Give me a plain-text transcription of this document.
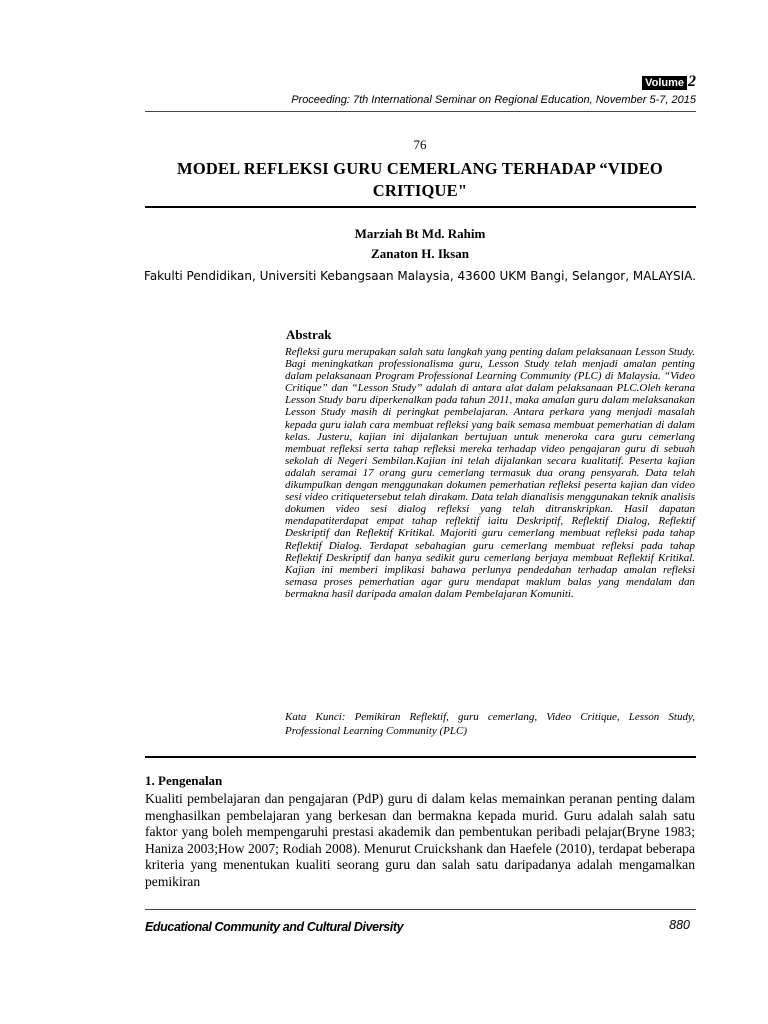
Volume 2
Proceeding: 7th International Seminar on Regional Education, November 5-7, 2015
76
MODEL REFLEKSI GURU CEMERLANG TERHADAP “VIDEO CRITIQUE"
Marziah Bt Md. Rahim
Zanaton H. Iksan
Fakulti Pendidikan, Universiti Kebangsaan Malaysia, 43600 UKM Bangi, Selangor, MALAYSIA.
Abstrak
Refleksi guru merupakan salah satu langkah yang penting dalam pelaksanaan Lesson Study. Bagi meningkatkan professionalisma guru, Lesson Study telah menjadi amalan penting dalam pelaksanaan Program Professional Learning Community (PLC) di Malaysia. “Video Critique” dan “Lesson Study” adalah di antara alat dalam pelaksanaan PLC.Oleh kerana Lesson Study baru diperkenalkan pada tahun 2011, maka amalan guru dalam melaksanakan Lesson Study masih di peringkat pembelajaran. Antara perkara yang menjadi masalah kepada guru ialah cara membuat refleksi yang baik semasa membuat pemerhatian di dalam kelas. Justeru, kajian ini dijalankan bertujuan untuk meneroka cara guru cemerlang membuat refleksi serta tahap refleksi mereka terhadap video pengajaran guru di sebuah sekolah di Negeri Sembilan.Kajian ini telah dijalankan secara kualitatif. Peserta kajian adalah seramai 17 orang guru cemerlang termasuk dua orang pensyarah. Data telah dikumpulkan dengan menggunakan dokumen pemerhatian refleksi peserta kajian dan video sesi video critiquetersebut telah dirakam. Data telah dianalisis menggunakan teknik analisis dokumen video sesi dialog refleksi yang telah ditranskripkan. Hasil dapatan mendapatiterdapat empat tahap reflektif iaitu Deskriptif, Reflektif Dialog, Reflektif Deskriptif dan Reflektif Kritikal. Majoriti guru cemerlang membuat refleksi pada tahap Reflektif Dialog. Terdapat sebahagian guru cemerlang membuat refleksi pada tahap Reflektif Deskriptif dan hanya sedikit guru cemerlang berjaya membuat Reflektif Kritikal. Kajian ini memberi implikasi bahawa perlunya pendedahan terhadap amalan refleksi semasa proses pemerhatian agar guru mendapat maklum balas yang mendalam dan bermakna hasil daripada amalan dalam Pembelajaran Komuniti.
Kata Kunci: Pemikiran Reflektif, guru cemerlang, Video Critique, Lesson Study, Professional Learning Community (PLC)
1. Pengenalan
Kualiti pembelajaran dan pengajaran (PdP) guru di dalam kelas memainkan peranan penting dalam menghasilkan pembelajaran yang berkesan dan bermakna kepada murid. Guru adalah salah satu faktor yang boleh mempengaruhi prestasi akademik dan pembentukan peribadi pelajar(Bryne 1983; Haniza 2003;How 2007; Rodiah 2008). Menurut Cruickshank dan Haefele (2010), terdapat beberapa kriteria yang menentukan kualiti seorang guru dan salah satu daripadanya adalah mengamalkan pemikiran
Educational Community and Cultural Diversity	880
